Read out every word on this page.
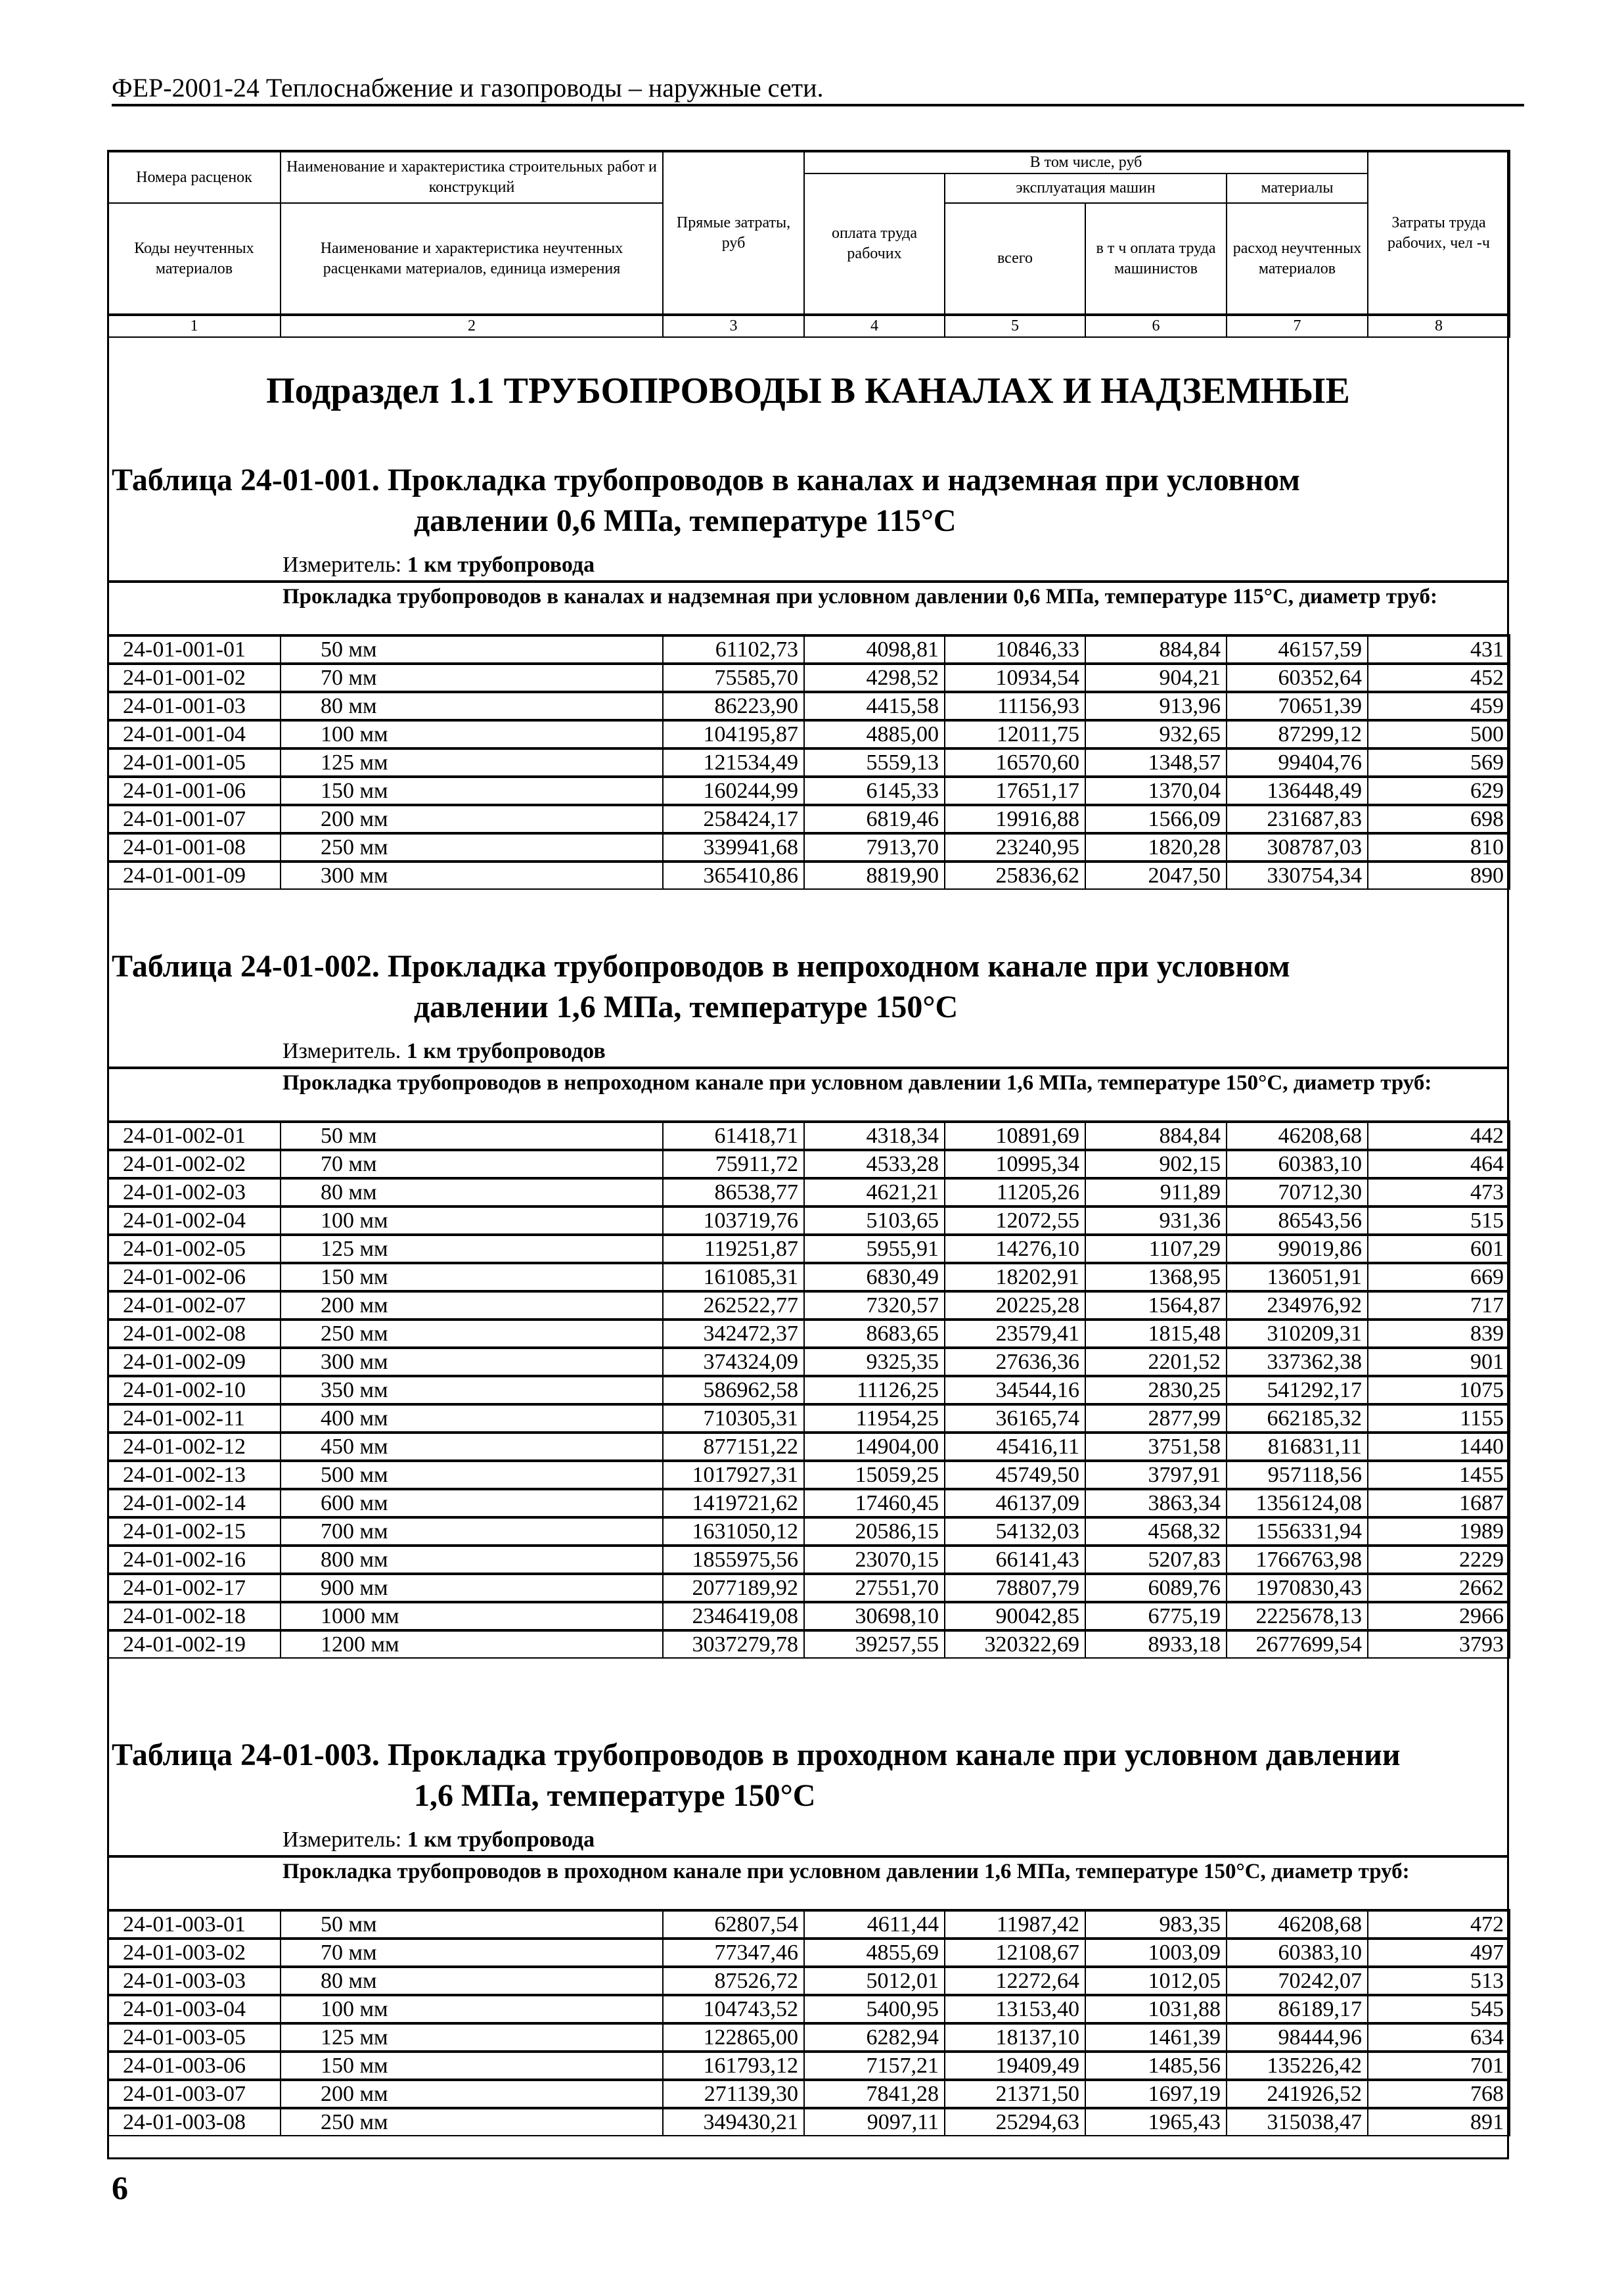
ФЕР-2001-24 Теплоснабжение и газопроводы – наружные сети.
Номера расценок	Наименование и характеристика строительных работ и конструкций	Прямые затраты, руб	В том числе, руб				Затраты труда рабочих, чел -ч
			оплата труда рабочих	эксплуатация машин		материалы	
Коды неучтенных материалов	Наименование и характеристика неучтенных расценками материалов, единица измерения			всего	в т ч оплата труда машинистов	расход неучтенных материалов	

1	2	3	4	5	6	7	8
Подраздел 1.1 ТРУБОПРОВОДЫ В КАНАЛАХ И НАДЗЕМНЫЕ
Таблица 24-01-001. Прокладка трубопроводов в каналах и надземная при условном
давлении 0,6 МПа, температуре 115°С
Измеритель: 1 км трубопровода
Прокладка трубопроводов в каналах и надземная при условном давлении 0,6 МПа, температуре 115°С, диаметр труб:
24-01-001-01	50 мм	61102,73	4098,81	10846,33	884,84	46157,59	431
24-01-001-02	70 мм	75585,70	4298,52	10934,54	904,21	60352,64	452
24-01-001-03	80 мм	86223,90	4415,58	11156,93	913,96	70651,39	459
24-01-001-04	100 мм	104195,87	4885,00	12011,75	932,65	87299,12	500
24-01-001-05	125 мм	121534,49	5559,13	16570,60	1348,57	99404,76	569
24-01-001-06	150 мм	160244,99	6145,33	17651,17	1370,04	136448,49	629
24-01-001-07	200 мм	258424,17	6819,46	19916,88	1566,09	231687,83	698
24-01-001-08	250 мм	339941,68	7913,70	23240,95	1820,28	308787,03	810
24-01-001-09	300 мм	365410,86	8819,90	25836,62	2047,50	330754,34	890
Таблица 24-01-002. Прокладка трубопроводов в непроходном канале при условном
давлении 1,6 МПа, температуре 150°С
Измеритель. 1 км трубопроводов
Прокладка трубопроводов в непроходном канале при условном давлении 1,6 МПа, температуре 150°С, диаметр труб:
24-01-002-01	50 мм	61418,71	4318,34	10891,69	884,84	46208,68	442
24-01-002-02	70 мм	75911,72	4533,28	10995,34	902,15	60383,10	464
24-01-002-03	80 мм	86538,77	4621,21	11205,26	911,89	70712,30	473
24-01-002-04	100 мм	103719,76	5103,65	12072,55	931,36	86543,56	515
24-01-002-05	125 мм	119251,87	5955,91	14276,10	1107,29	99019,86	601
24-01-002-06	150 мм	161085,31	6830,49	18202,91	1368,95	136051,91	669
24-01-002-07	200 мм	262522,77	7320,57	20225,28	1564,87	234976,92	717
24-01-002-08	250 мм	342472,37	8683,65	23579,41	1815,48	310209,31	839
24-01-002-09	300 мм	374324,09	9325,35	27636,36	2201,52	337362,38	901
24-01-002-10	350 мм	586962,58	11126,25	34544,16	2830,25	541292,17	1075
24-01-002-11	400 мм	710305,31	11954,25	36165,74	2877,99	662185,32	1155
24-01-002-12	450 мм	877151,22	14904,00	45416,11	3751,58	816831,11	1440
24-01-002-13	500 мм	1017927,31	15059,25	45749,50	3797,91	957118,56	1455
24-01-002-14	600 мм	1419721,62	17460,45	46137,09	3863,34	1356124,08	1687
24-01-002-15	700 мм	1631050,12	20586,15	54132,03	4568,32	1556331,94	1989
24-01-002-16	800 мм	1855975,56	23070,15	66141,43	5207,83	1766763,98	2229
24-01-002-17	900 мм	2077189,92	27551,70	78807,79	6089,76	1970830,43	2662
24-01-002-18	1000 мм	2346419,08	30698,10	90042,85	6775,19	2225678,13	2966
24-01-002-19	1200 мм	3037279,78	39257,55	320322,69	8933,18	2677699,54	3793
Таблица 24-01-003. Прокладка трубопроводов в проходном канале при условном давлении
1,6 МПа, температуре 150°С
Измеритель: 1 км трубопровода
Прокладка трубопроводов в проходном канале при условном давлении 1,6 МПа, температуре 150°С, диаметр труб:
24-01-003-01	50 мм	62807,54	4611,44	11987,42	983,35	46208,68	472
24-01-003-02	70 мм	77347,46	4855,69	12108,67	1003,09	60383,10	497
24-01-003-03	80 мм	87526,72	5012,01	12272,64	1012,05	70242,07	513
24-01-003-04	100 мм	104743,52	5400,95	13153,40	1031,88	86189,17	545
24-01-003-05	125 мм	122865,00	6282,94	18137,10	1461,39	98444,96	634
24-01-003-06	150 мм	161793,12	7157,21	19409,49	1485,56	135226,42	701
24-01-003-07	200 мм	271139,30	7841,28	21371,50	1697,19	241926,52	768
24-01-003-08	250 мм	349430,21	9097,11	25294,63	1965,43	315038,47	891
6
